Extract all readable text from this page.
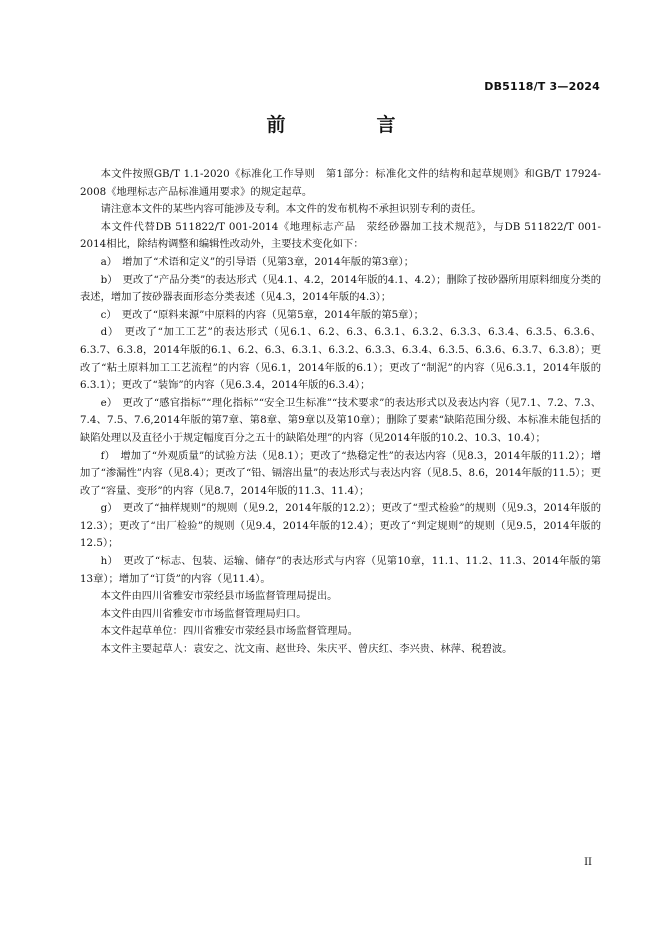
DB5118/T 3—2024
前　言

本文件按照GB/T 1.1-2020《标准化工作导则　第1部分：标准化文件的结构和起草规则》和GB/T 17924-2008《地理标志产品标准通用要求》的规定起草。

请注意本文件的某些内容可能涉及专利。本文件的发布机构不承担识别专利的责任。

本文件代替DB 511822/T 001-2014《地理标志产品　荥经砂器加工技术规范》，与DB 511822/T 001-2014相比，除结构调整和编辑性改动外，主要技术变化如下：

a）　增加了“术语和定义”的引导语（见第3章，2014年版的第3章）；

b）　更改了“产品分类”的表达形式（见4.1、4.2，2014年版的4.1、4.2）；删除了按砂器所用原料细度分类的表述，增加了按砂器表面形态分类表述（见4.3，2014年版的4.3）；

c）　更改了“原料来源”中原料的内容（见第5章，2014年版的第5章）；

d）　更改了“加工工艺”的表达形式（见6.1、6.2、6.3、6.3.1、6.3.2、6.3.3、6.3.4、6.3.5、6.3.6、6.3.7、6.3.8，2014年版的6.1、6.2、6.3、6.3.1、6.3.2、6.3.3、6.3.4、6.3.5、6.3.6、6.3.7、6.3.8）；更改了“粘土原料加工工艺流程”的内容（见6.1，2014年版的6.1）；更改了“制泥”的内容（见6.3.1，2014年版的6.3.1）；更改了“装饰”的内容（见6.3.4，2014年版的6.3.4）；

e）　更改了“感官指标”“理化指标”“安全卫生标准”“技术要求”的表达形式以及表达内容（见7.1、7.2、7.3、7.4、7.5、7.6,2014年版的第7章、第8章、第9章以及第10章）；删除了要素“缺陷范围分级、本标准未能包括的缺陷处理以及直径小于规定幅度百分之五十的缺陷处理”的内容（见2014年版的10.2、10.3、10.4）；

f）　增加了“外观质量”的试验方法（见8.1）；更改了“热稳定性”的表达内容（见8.3，2014年版的11.2）；增加了“渗漏性”内容（见8.4）；更改了“铅、镉溶出量”的表达形式与表达内容（见8.5、8.6，2014年版的11.5）；更改了“容量、变形”的内容（见8.7，2014年版的11.3、11.4）；

g）　更改了“抽样规则”的规则（见9.2，2014年版的12.2）；更改了“型式检验”的规则（见9.3，2014年版的12.3）；更改了“出厂检验”的规则（见9.4，2014年版的12.4）；更改了“判定规则”的规则（见9.5，2014年版的12.5）；

h）　更改了“标志、包装、运输、储存”的表达形式与内容（见第10章，11.1、11.2、11.3、2014年版的第13章）；增加了“订货”的内容（见11.4）。

本文件由四川省雅安市荥经县市场监督管理局提出。

本文件由四川省雅安市市场监督管理局归口。

本文件起草单位：四川省雅安市荥经县市场监督管理局。

本文件主要起草人：袁安之、沈文南、赵世玲、朱庆平、曾庆红、李兴贵、林萍、税碧波。

II
